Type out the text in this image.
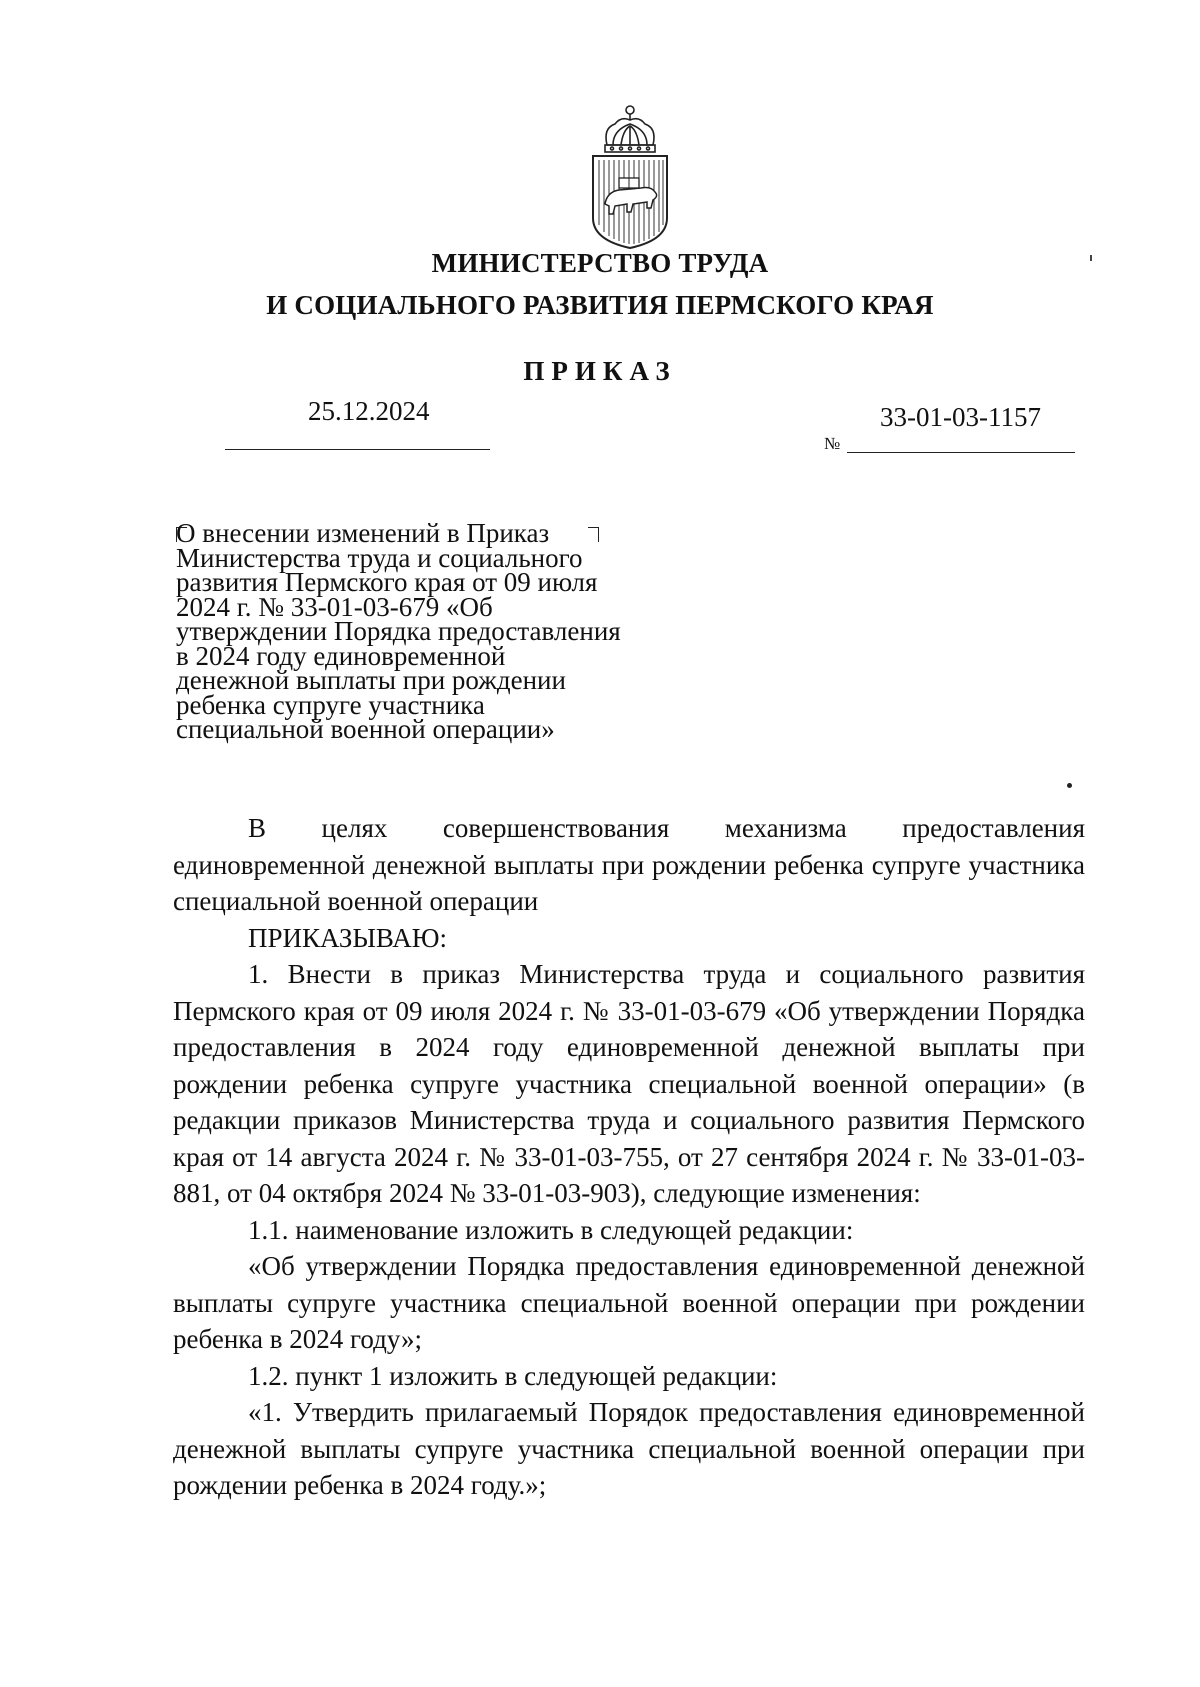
МИНИСТЕРСТВО ТРУДА
И СОЦИАЛЬНОГО РАЗВИТИЯ ПЕРМСКОГО КРАЯ
ПРИКАЗ
25.12.2024	33-01-03-1157
№
О внесении изменений в Приказ
Министерства труда и социального
развития Пермского края от 09 июля
2024 г. № 33-01-03-679 «Об
утверждении Порядка предоставления
в 2024 году единовременной
денежной выплаты при рождении
ребенка супруге участника
специальной военной операции»

В целях совершенствования механизма предоставления единовременной денежной выплаты при рождении ребенка супруге участника специальной военной операции

ПРИКАЗЫВАЮ:

1. Внести в приказ Министерства труда и социального развития Пермского края от 09 июля 2024 г. № 33-01-03-679 «Об утверждении Порядка предоставления в 2024 году единовременной денежной выплаты при рождении ребенка супруге участника специальной военной операции» (в редакции приказов Министерства труда и социального развития Пермского края от 14 августа 2024 г. № 33-01-03-755, от 27 сентября 2024 г. № 33-01-03-881, от 04 октября 2024 № 33-01-03-903), следующие изменения:

1.1. наименование изложить в следующей редакции:

«Об утверждении Порядка предоставления единовременной денежной выплаты супруге участника специальной военной операции при рождении ребенка в 2024 году»;

1.2. пункт 1 изложить в следующей редакции:

«1. Утвердить прилагаемый Порядок предоставления единовременной денежной выплаты супруге участника специальной военной операции при рождении ребенка в 2024 году.»;
